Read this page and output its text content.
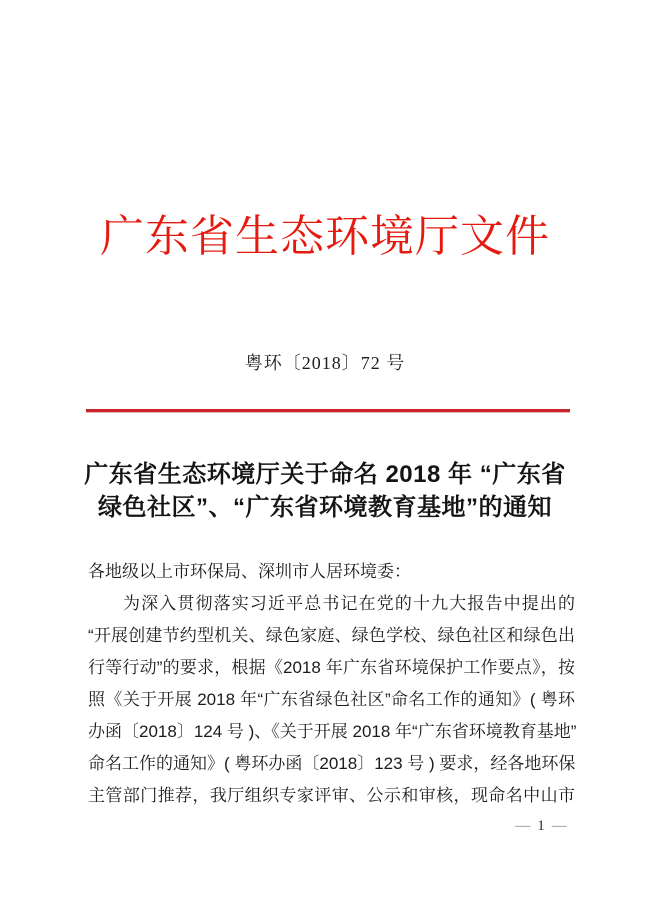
广东省生态环境厅文件
粤环〔2018〕72 号
广东省生态环境厅关于命名 2018 年 “广东省
绿色社区”、“广东省环境教育基地”的通知
各地级以上市环保局、深圳市人居环境委：
为深入贯彻落实习近平总书记在党的十九大报告中提出的
“开展创建节约型机关、绿色家庭、绿色学校、绿色社区和绿色出
行等行动”的要求，根据《2018 年广东省环境保护工作要点》，按
照《关于开展 2018 年“广东省绿色社区”命名工作的通知》( 粤环
办函〔2018〕124 号 )、《关于开展 2018 年“广东省环境教育基地”
命名工作的通知》( 粤环办函〔2018〕123 号 ) 要求，经各地环保
主管部门推荐，我厅组织专家评审、公示和审核，现命名中山市
— 1 —
